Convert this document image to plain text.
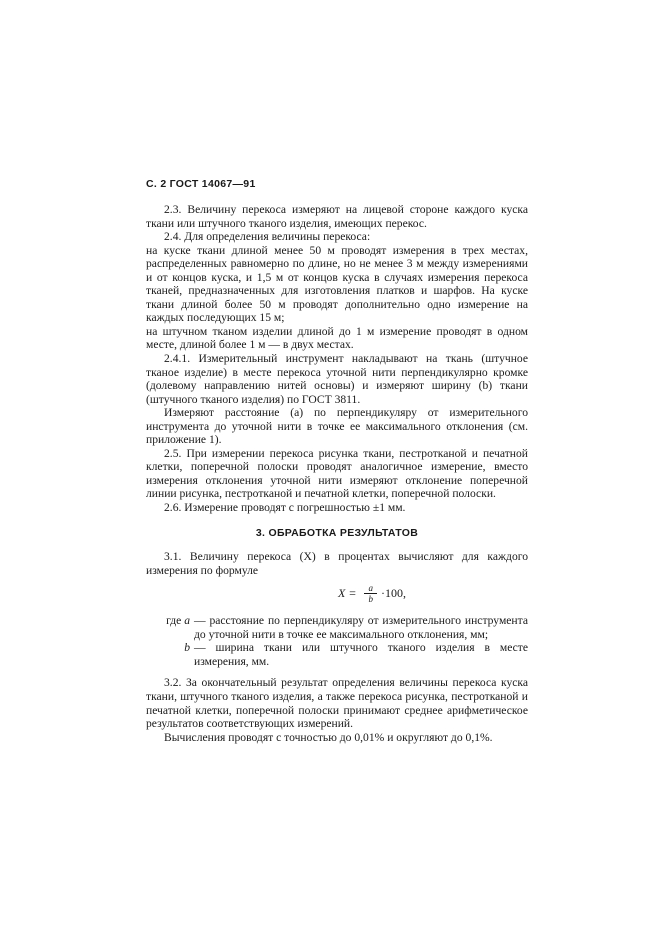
С. 2 ГОСТ 14067—91

2.3. Величину перекоса измеряют на лицевой стороне каждого куска ткани или штучного тканого изделия, имеющих перекос.

2.4. Для определения величины перекоса:

на куске ткани длиной менее 50 м проводят измерения в трех местах, распределенных равномерно по длине, но не менее 3 м между измерениями и от концов куска, и 1,5 м от концов куска в случаях измерения перекоса тканей, предназначенных для изготовления платков и шарфов. На куске ткани длиной более 50 м проводят дополнительно одно измерение на каждых последующих 15 м;

на штучном тканом изделии длиной до 1 м измерение проводят в одном месте, длиной более 1 м — в двух местах.

2.4.1. Измерительный инструмент накладывают на ткань (штучное тканое изделие) в месте перекоса уточной нити перпендикулярно кромке (долевому направлению нитей основы) и измеряют ширину (b) ткани (штучного тканого изделия) по ГОСТ 3811.

Измеряют расстояние (a) по перпендикуляру от измерительного инструмента до уточной нити в точке ее максимального отклонения (см. приложение 1).

2.5. При измерении перекоса рисунка ткани, пестротканой и печатной клетки, поперечной полоски проводят аналогичное измерение, вместо измерения отклонения уточной нити измеряют отклонение поперечной линии рисунка, пестротканой и печатной клетки, поперечной полоски.

2.6. Измерение проводят с погрешностью ±1 мм.

3. ОБРАБОТКА РЕЗУЛЬТАТОВ

3.1. Величину перекоса (X) в процентах вычисляют для каждого измерения по формуле

$X = \frac{a}{b} \cdot 100$,
где a — расстояние по перпендикуляру от измерительного инструмента до уточной нити в точке ее максимального отклонения, мм;
b — ширина ткани или штучного тканого изделия в месте измерения, мм.

3.2. За окончательный результат определения величины перекоса куска ткани, штучного тканого изделия, а также перекоса рисунка, пестротканой и печатной клетки, поперечной полоски принимают среднее арифметическое результатов соответствующих измерений.

Вычисления проводят с точностью до 0,01% и округляют до 0,1%.
